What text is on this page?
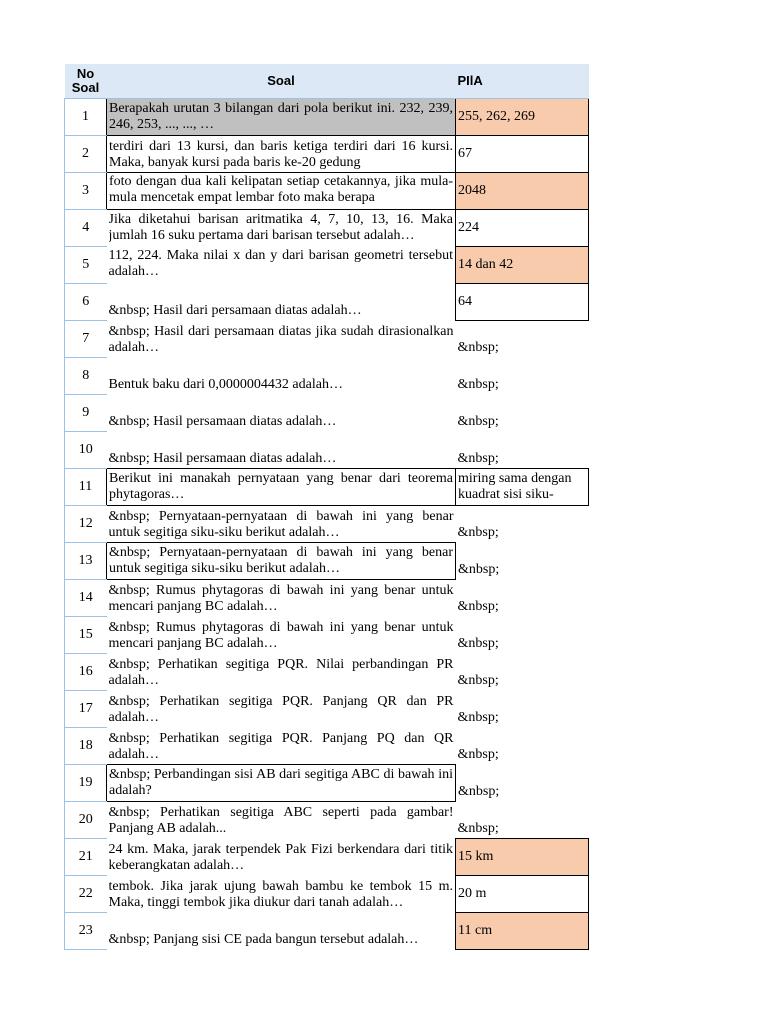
No Soal	Soal	PIlA
1	Berapakah urutan 3 bilangan dari pola berikut ini. 232, 239, 246, 253, ..., ..., …	255, 262, 269

2	terdiri dari 13 kursi, dan baris ketiga terdiri dari 16 kursi. Maka, banyak kursi pada baris ke-20 gedung	67

3	foto dengan dua kali kelipatan setiap cetakannya, jika mula-mula mencetak empat lembar foto maka berapa	2048

4	Jika diketahui barisan aritmatika 4, 7, 10, 13, 16. Maka jumlah 16 suku pertama dari barisan tersebut adalah…	224

5	112, 224. Maka nilai x dan y dari barisan geometri tersebut adalah…	14 dan 42

6	&nbsp; Hasil dari persamaan diatas adalah…	64

7	&nbsp; Hasil dari persamaan diatas jika sudah dirasionalkan adalah…	&nbsp;

8	Bentuk baku dari 0,0000004432 adalah…	&nbsp;

9	&nbsp; Hasil persamaan diatas adalah…	&nbsp;

10	&nbsp; Hasil persamaan diatas adalah…	&nbsp;

11	Berikut ini manakah pernyataan yang benar dari teorema phytagoras…	miring sama dengan kuadrat sisi siku-

12	&nbsp; Pernyataan-pernyataan di bawah ini yang benar untuk segitiga siku-siku berikut adalah…	&nbsp;

13	&nbsp; Pernyataan-pernyataan di bawah ini yang benar untuk segitiga siku-siku berikut adalah…	&nbsp;

14	&nbsp; Rumus phytagoras di bawah ini yang benar untuk mencari panjang BC adalah…	&nbsp;

15	&nbsp; Rumus phytagoras di bawah ini yang benar untuk mencari panjang BC adalah…	&nbsp;

16	&nbsp; Perhatikan segitiga PQR. Nilai perbandingan PR adalah…	&nbsp;

17	&nbsp; Perhatikan segitiga PQR. Panjang QR dan PR adalah…	&nbsp;

18	&nbsp; Perhatikan segitiga PQR. Panjang PQ dan QR adalah…	&nbsp;

19	&nbsp; Perbandingan sisi AB dari segitiga ABC di bawah ini adalah?	&nbsp;

20	&nbsp; Perhatikan segitiga ABC seperti pada gambar! Panjang AB adalah...	&nbsp;

21	24 km. Maka, jarak terpendek Pak Fizi berkendara dari titik keberangkatan adalah…	15 km

22	tembok. Jika jarak ujung bawah bambu ke tembok 15 m. Maka, tinggi tembok jika diukur dari tanah adalah…	20 m

23	&nbsp; Panjang sisi CE pada bangun tersebut adalah…	11 cm
